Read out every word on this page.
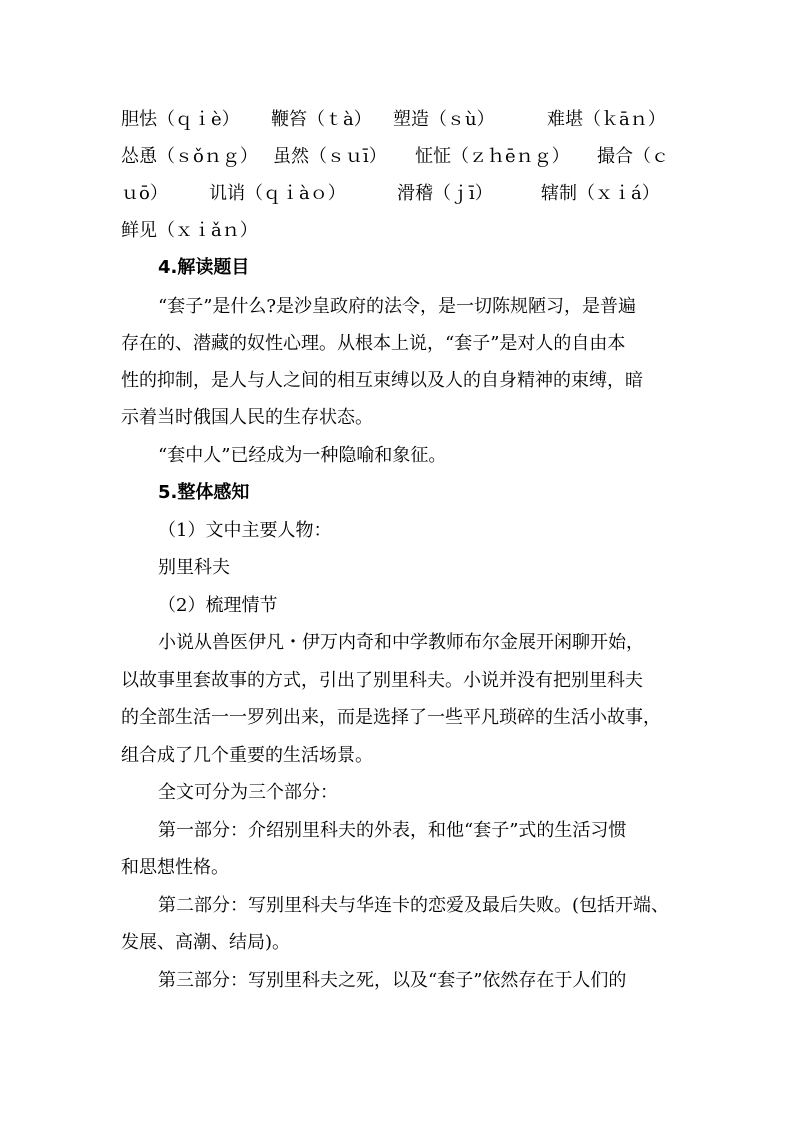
胆怯（ｑｉè） 鞭笞（ｔà） 塑造（ｓù）	难堪（ｋāｎ）
怂恿（ｓǒｎｇ） 虽然（ｓｕī） 怔怔（ｚｈēｎｇ） 撮合（ｃ
ｕō） 讥诮（ｑｉàｏ）	滑稽（ｊī）	辖制（ｘｉá）
鲜见（ｘｉǎｎ）
4.解读题目
“套子”是什么?是沙皇政府的法令，是一切陈规陋习，是普遍
存在的、潜藏的奴性心理。从根本上说，“套子”是对人的自由本
性的抑制，是人与人之间的相互束缚以及人的自身精神的束缚，暗
示着当时俄国人民的生存状态。
“套中人”已经成为一种隐喻和象征。
5.整体感知
（1）文中主要人物：
别里科夫
（2）梳理情节
小说从兽医伊凡・伊万内奇和中学教师布尔金展开闲聊开始，
以故事里套故事的方式，引出了别里科夫。小说并没有把别里科夫
的全部生活一一罗列出来，而是选择了一些平凡琐碎的生活小故事，
组合成了几个重要的生活场景。
全文可分为三个部分：
第一部分：介绍别里科夫的外表，和他“套子”式的生活习惯
和思想性格。
第二部分：写别里科夫与华连卡的恋爱及最后失败。(包括开端、
发展、高潮、结局)。
第三部分：写别里科夫之死，以及“套子”依然存在于人们的
